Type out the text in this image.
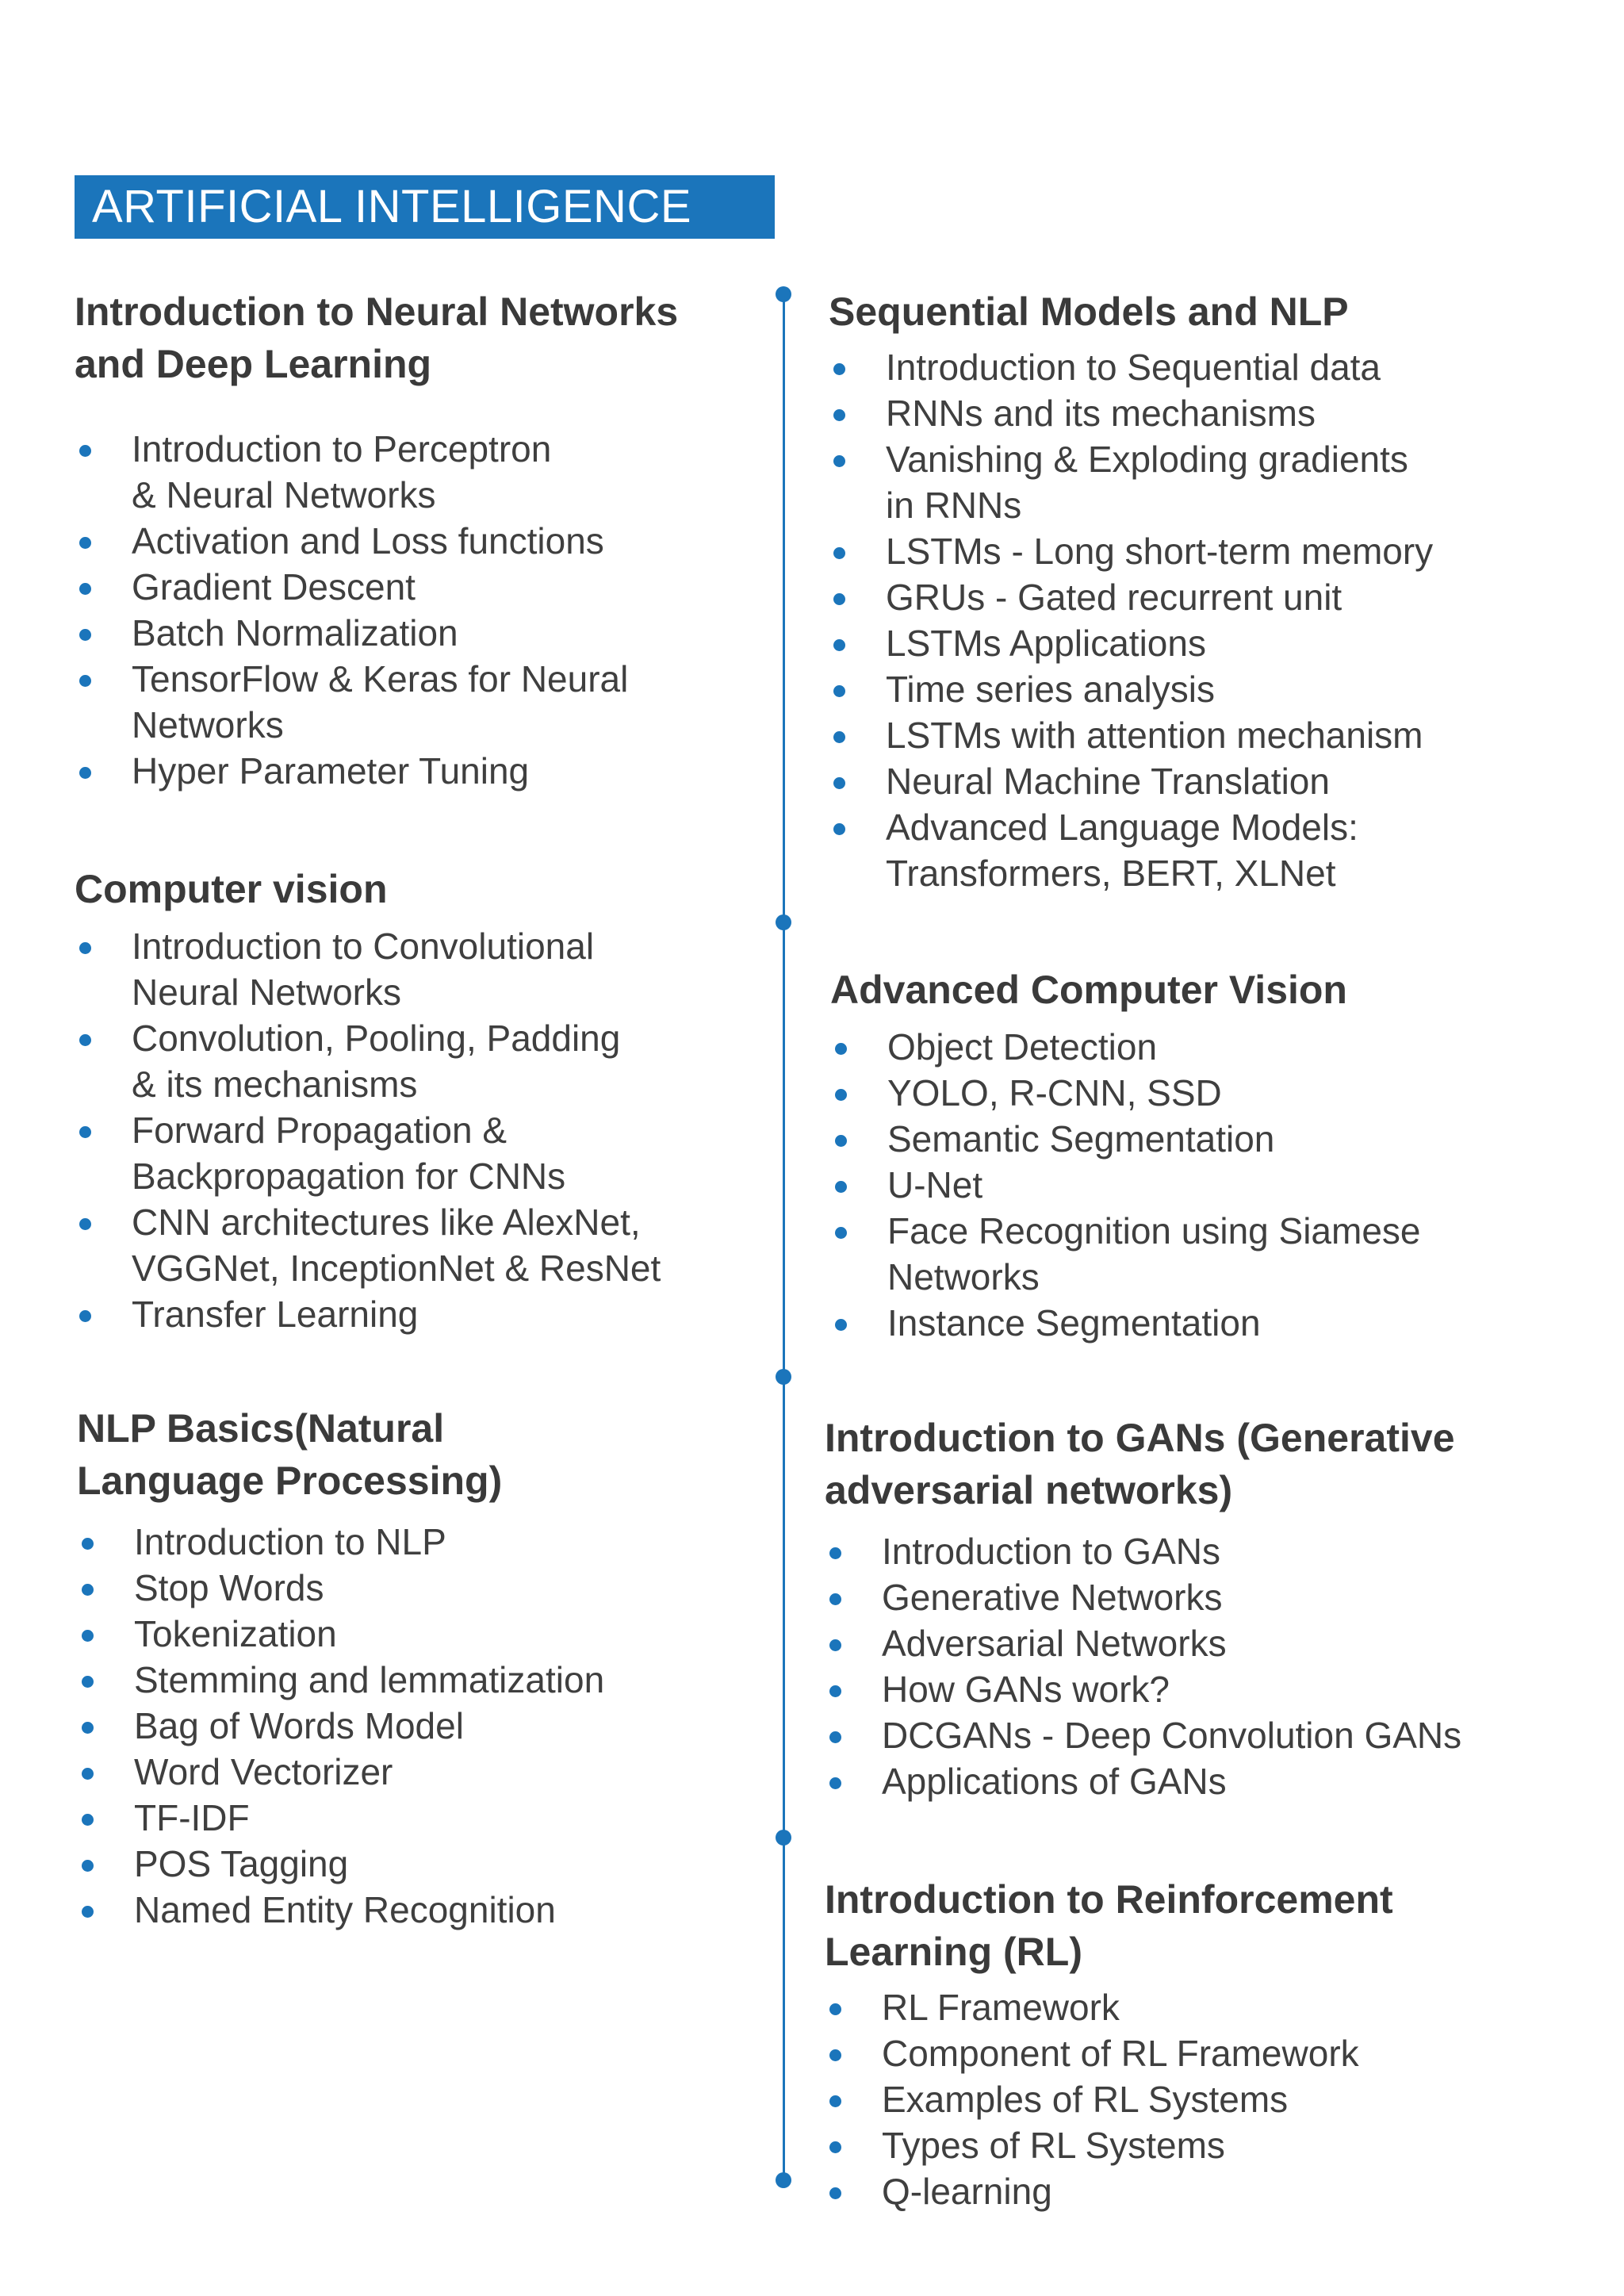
ARTIFICIAL INTELLIGENCE
Introduction to Neural Networks
and Deep Learning
Introduction to Perceptron
& Neural Networks
Activation and Loss functions
Gradient Descent
Batch Normalization
TensorFlow & Keras for Neural
Networks
Hyper Parameter Tuning
Computer vision
Introduction to Convolutional
Neural Networks
Convolution, Pooling, Padding
& its mechanisms
Forward Propagation &
Backpropagation for CNNs
CNN architectures like AlexNet,
VGGNet, InceptionNet & ResNet
Transfer Learning
NLP Basics(Natural
Language Processing)
Introduction to NLP
Stop Words
Tokenization
Stemming and lemmatization
Bag of Words Model
Word Vectorizer
TF-IDF
POS Tagging
Named Entity Recognition
Sequential Models and NLP
Introduction to Sequential data
RNNs and its mechanisms
Vanishing & Exploding gradients
in RNNs
LSTMs - Long short-term memory
GRUs - Gated recurrent unit
LSTMs Applications
Time series analysis
LSTMs with attention mechanism
Neural Machine Translation
Advanced Language Models:
Transformers, BERT, XLNet
Advanced Computer Vision
Object Detection
YOLO, R-CNN, SSD
Semantic Segmentation
U-Net
Face Recognition using Siamese
Networks
Instance Segmentation
Introduction to GANs (Generative
adversarial networks)
Introduction to GANs
Generative Networks
Adversarial Networks
How GANs work?
DCGANs - Deep Convolution GANs
Applications of GANs
Introduction to Reinforcement
Learning (RL)
RL Framework
Component of RL Framework
Examples of RL Systems
Types of RL Systems
Q-learning
